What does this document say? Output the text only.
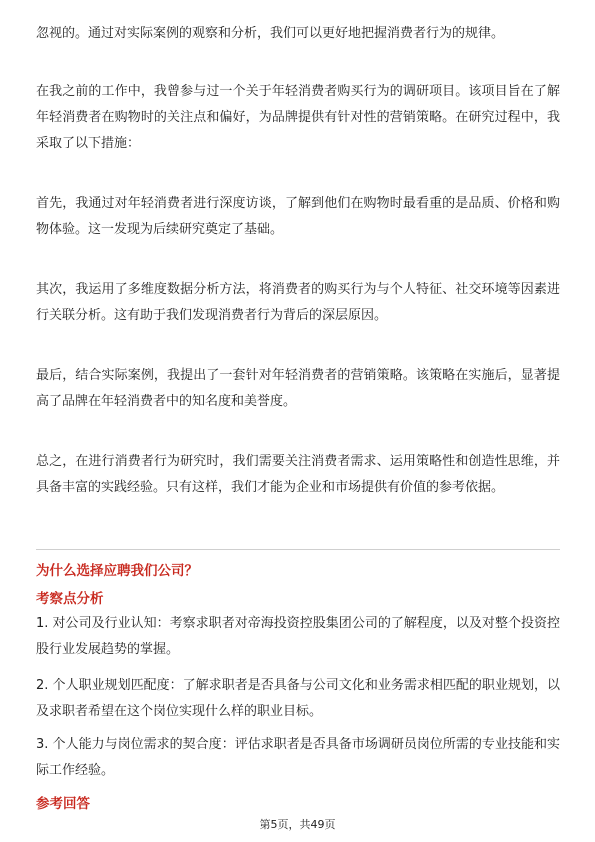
忽视的。通过对实际案例的观察和分析，我们可以更好地把握消费者行为的规律。

在我之前的工作中，我曾参与过一个关于年轻消费者购买行为的调研项目。该项目旨在了解年轻消费者在购物时的关注点和偏好，为品牌提供有针对性的营销策略。在研究过程中，我采取了以下措施：

首先，我通过对年轻消费者进行深度访谈，了解到他们在购物时最看重的是品质、价格和购物体验。这一发现为后续研究奠定了基础。

其次，我运用了多维度数据分析方法，将消费者的购买行为与个人特征、社交环境等因素进行关联分析。这有助于我们发现消费者行为背后的深层原因。

最后，结合实际案例，我提出了一套针对年轻消费者的营销策略。该策略在实施后，显著提高了品牌在年轻消费者中的知名度和美誉度。

总之，在进行消费者行为研究时，我们需要关注消费者需求、运用策略性和创造性思维，并具备丰富的实践经验。只有这样，我们才能为企业和市场提供有价值的参考依据。

为什么选择应聘我们公司？

考察点分析

1. 对公司及行业认知：考察求职者对帝海投资控股集团公司的了解程度，以及对整个投资控股行业发展趋势的掌握。

2. 个人职业规划匹配度：了解求职者是否具备与公司文化和业务需求相匹配的职业规划，以及求职者希望在这个岗位实现什么样的职业目标。

3. 个人能力与岗位需求的契合度：评估求职者是否具备市场调研员岗位所需的专业技能和实际工作经验。

参考回答

第5页，共49页
